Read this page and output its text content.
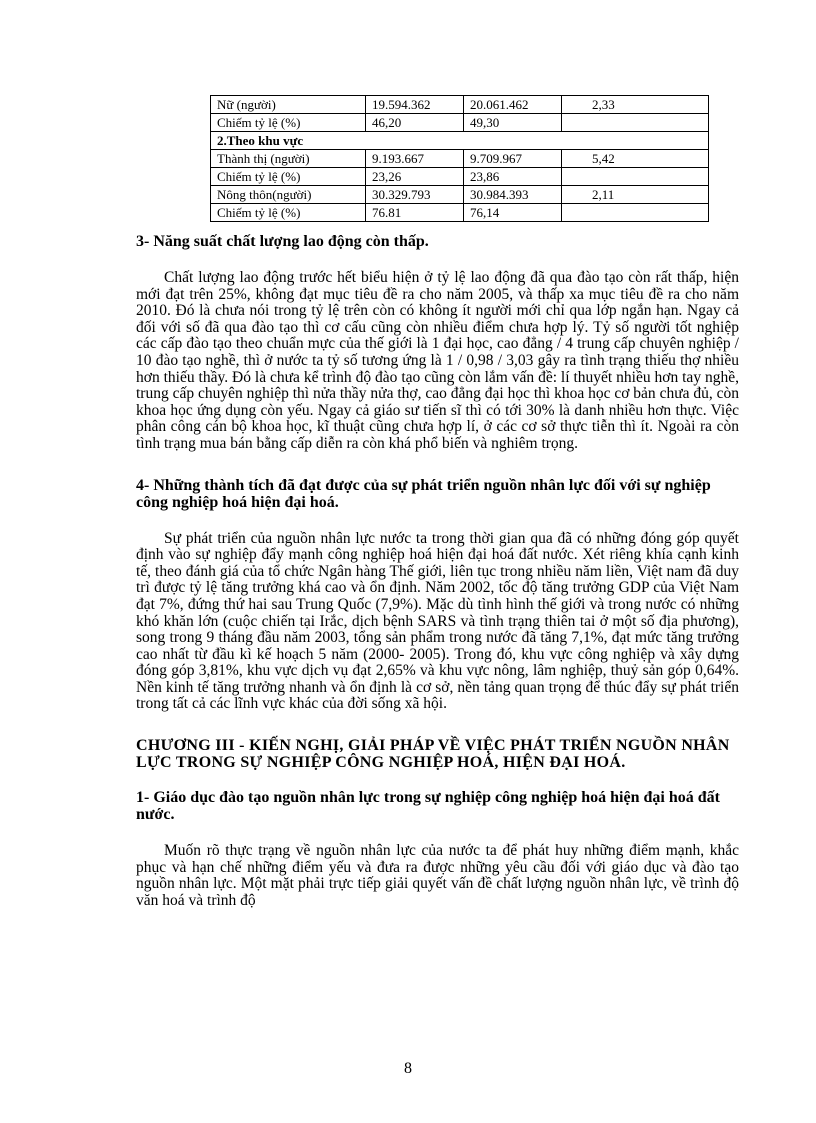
Nữ (người)	19.594.362	20.061.462	2,33
Chiếm tỷ lệ (%)	46,20	49,30	
2.Theo khu vực			
Thành thị (người)	9.193.667	9.709.967	5,42
Chiếm tỷ lệ (%)	23,26	23,86	
Nông thôn(người)	30.329.793	30.984.393	2,11
Chiếm tỷ lệ (%)	76.81	76,14	
3- Năng suất chất lượng lao động còn thấp.

Chất lượng lao động trước hết biểu hiện ở tỷ lệ lao động đã qua đào tạo còn rất thấp, hiện mới đạt trên 25%, không đạt mục tiêu đề ra cho năm 2005, và thấp xa mục tiêu đề ra cho năm 2010. Đó là chưa nói trong tỷ lệ trên còn có không ít người mới chỉ qua lớp ngắn hạn. Ngay cả đối với số đã qua đào tạo thì cơ cấu cũng còn nhiều điểm chưa hợp lý. Tỷ số người tốt nghiệp các cấp đào tạo theo chuẩn mực của thế giới là 1 đại học, cao đẳng / 4 trung cấp chuyên nghiệp / 10 đào tạo nghề, thì ở nước ta tỷ số tương ứng là 1 / 0,98 / 3,03 gây ra tình trạng thiếu thợ nhiều hơn thiếu thầy. Đó là chưa kể trình độ đào tạo cũng còn lắm vấn đề: lí thuyết nhiều hơn tay nghề, trung cấp chuyên nghiệp thì nửa thầy nửa thợ, cao đẳng đại học thì khoa học cơ bản chưa đủ, còn khoa học ứng dụng còn yếu. Ngay cả giáo sư tiến sĩ thì có tới 30% là danh nhiều hơn thực. Việc phân công cán bộ khoa học, kĩ thuật cũng chưa hợp lí, ở các cơ sở thực tiễn thì ít. Ngoài ra còn tình trạng mua bán bằng cấp diễn ra còn khá phổ biến và nghiêm trọng.

4- Những thành tích đã đạt được của sự phát triển nguồn nhân lực đối với sự nghiệp công nghiệp hoá hiện đại hoá.

Sự phát triển của nguồn nhân lực nước ta trong thời gian qua đã có những đóng góp quyết định vào sự nghiệp đẩy mạnh công nghiệp hoá hiện đại hoá đất nước. Xét riêng khía cạnh kinh tế, theo đánh giá của tổ chức Ngân hàng Thế giới, liên tục trong nhiều năm liền, Việt nam đã duy trì được tỷ lệ tăng trưởng khá cao và ổn định. Năm 2002, tốc độ tăng trưởng GDP của Việt Nam đạt 7%, đứng thứ hai sau Trung Quốc (7,9%). Mặc dù tình hình thế giới và trong nước có những khó khăn lớn (cuộc chiến tại Irắc, dịch bệnh SARS và tình trạng thiên tai ở một số địa phương), song trong 9 tháng đầu năm 2003, tổng sản phẩm trong nước đã tăng 7,1%, đạt mức tăng trưởng cao nhất từ đầu kì kế hoạch 5 năm (2000- 2005). Trong đó, khu vực công nghiệp và xây dựng đóng góp 3,81%, khu vực dịch vụ đạt 2,65% và khu vực nông, lâm nghiệp, thuỷ sản góp 0,64%. Nền kinh tế tăng trưởng nhanh và ổn định là cơ sở, nền tảng quan trọng để thúc đẩy sự phát triển trong tất cả các lĩnh vực khác của đời sống xã hội.

CHƯƠNG III - KIẾN NGHỊ, GIẢI PHÁP VỀ VIỆC PHÁT TRIỂN NGUỒN NHÂN LỰC TRONG SỰ NGHIỆP CÔNG NGHIỆP HOÁ, HIỆN ĐẠI HOÁ.
1- Giáo dục đào tạo nguồn nhân lực trong sự nghiệp công nghiệp hoá hiện đại hoá đất nước.

Muốn rõ thực trạng về nguồn nhân lực của nước ta để phát huy những điểm mạnh, khắc phục và hạn chế những điểm yếu và đưa ra được những yêu cầu đối với giáo dục và đào tạo nguồn nhân lực. Một mặt phải trực tiếp giải quyết vấn đề chất lượng nguồn nhân lực, về trình độ văn hoá và trình độ

8
